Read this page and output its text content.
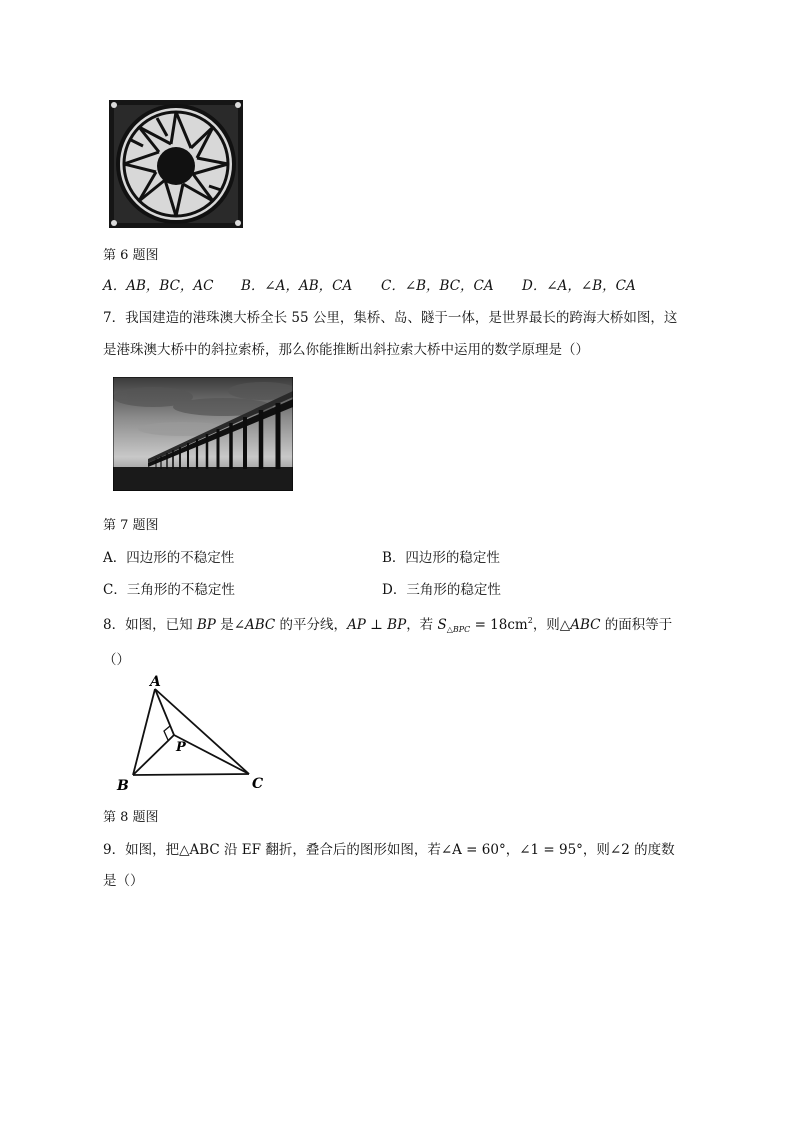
第 6 题图
A．AB，BC，AC B．∠A，AB，CA C．∠B，BC，CA D．∠A，∠B，CA
7．我国建造的港珠澳大桥全长 55 公里，集桥、岛、隧于一体，是世界最长的跨海大桥如图，这
是港珠澳大桥中的斜拉索桥，那么你能推断出斜拉索大桥中运用的数学原理是（）
第 7 题图
A．四边形的不稳定性	B．四边形的稳定性
C．三角形的不稳定性	D．三角形的稳定性
8．如图，已知 BP 是∠ABC 的平分线，AP ⊥ BP，若 $S_{\triangle BPC} = 18cm^2$，则△ABC 的面积等于
（）
A
B	C
P
第 8 题图
9．如图，把△ABC 沿 EF 翻折，叠合后的图形如图，若∠A = 60°，∠1 = 95°，则∠2 的度数
是（）
